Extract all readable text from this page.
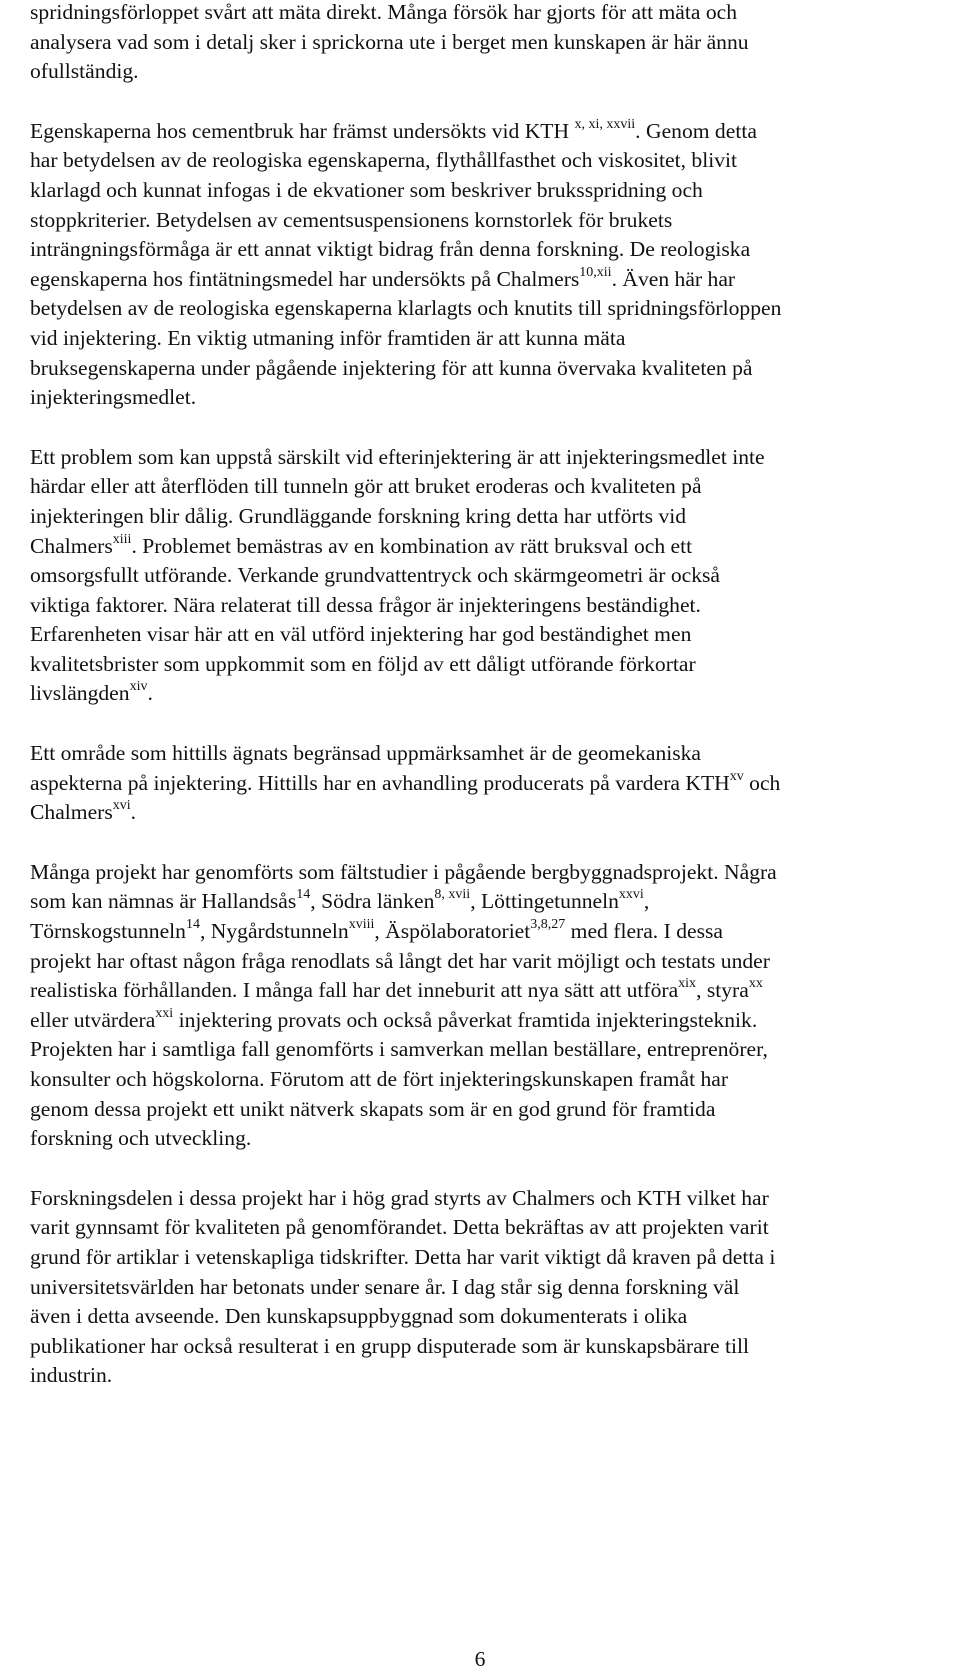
spridningsförloppet svårt att mäta direkt. Många försök har gjorts för att mäta och
analysera vad som i detalj sker i sprickorna ute i berget men kunskapen är här ännu
ofullständig.

Egenskaperna hos cementbruk har främst undersökts vid KTH $^{x, xi, xxvii}$. Genom detta
har betydelsen av de reologiska egenskaperna, flythållfasthet och viskositet, blivit
klarlagd och kunnat infogas i de ekvationer som beskriver bruksspridning och
stoppkriterier. Betydelsen av cementsuspensionens kornstorlek för brukets
inträngningsförmåga är ett annat viktigt bidrag från denna forskning. De reologiska
egenskaperna hos fintätningsmedel har undersökts på Chalmers$^{10,xii}$. Även här har
betydelsen av de reologiska egenskaperna klarlagts och knutits till spridningsförloppen
vid injektering. En viktig utmaning inför framtiden är att kunna mäta
bruksegenskaperna under pågående injektering för att kunna övervaka kvaliteten på
injekteringsmedlet.

Ett problem som kan uppstå särskilt vid efterinjektering är att injekteringsmedlet inte
härdar eller att återflöden till tunneln gör att bruket eroderas och kvaliteten på
injekteringen blir dålig. Grundläggande forskning kring detta har utförts vid
Chalmers$^{xiii}$. Problemet bemästras av en kombination av rätt bruksval och ett
omsorgsfullt utförande. Verkande grundvattentryck och skärmgeometri är också
viktiga faktorer. Nära relaterat till dessa frågor är injekteringens beständighet.
Erfarenheten visar här att en väl utförd injektering har god beständighet men
kvalitetsbrister som uppkommit som en följd av ett dåligt utförande förkortar
livslängden$^{xiv}$.

Ett område som hittills ägnats begränsad uppmärksamhet är de geomekaniska
aspekterna på injektering. Hittills har en avhandling producerats på vardera KTH$^{xv}$ och
Chalmers$^{xvi}$.

Många projekt har genomförts som fältstudier i pågående bergbyggnadsprojekt. Några
som kan nämnas är Hallandsås$^{14}$, Södra länken$^{8, xvii}$, Löttingetunneln$^{xxvi}$,
Törnskogstunneln$^{14}$, Nygårdstunneln$^{xviii}$, Äspölaboratoriet$^{3,8,27}$ med flera. I dessa
projekt har oftast någon fråga renodlats så långt det har varit möjligt och testats under
realistiska förhållanden. I många fall har det inneburit att nya sätt att utföra$^{xix}$, styra$^{xx}$
eller utvärdera$^{xxi}$ injektering provats och också påverkat framtida injekteringsteknik.
Projekten har i samtliga fall genomförts i samverkan mellan beställare, entreprenörer,
konsulter och högskolorna. Förutom att de fört injekteringskunskapen framåt har
genom dessa projekt ett unikt nätverk skapats som är en god grund för framtida
forskning och utveckling.

Forskningsdelen i dessa projekt har i hög grad styrts av Chalmers och KTH vilket har
varit gynnsamt för kvaliteten på genomförandet. Detta bekräftas av att projekten varit
grund för artiklar i vetenskapliga tidskrifter. Detta har varit viktigt då kraven på detta i
universitetsvärlden har betonats under senare år. I dag står sig denna forskning väl
även i detta avseende. Den kunskapsuppbyggnad som dokumenterats i olika
publikationer har också resulterat i en grupp disputerade som är kunskapsbärare till
industrin.

6
